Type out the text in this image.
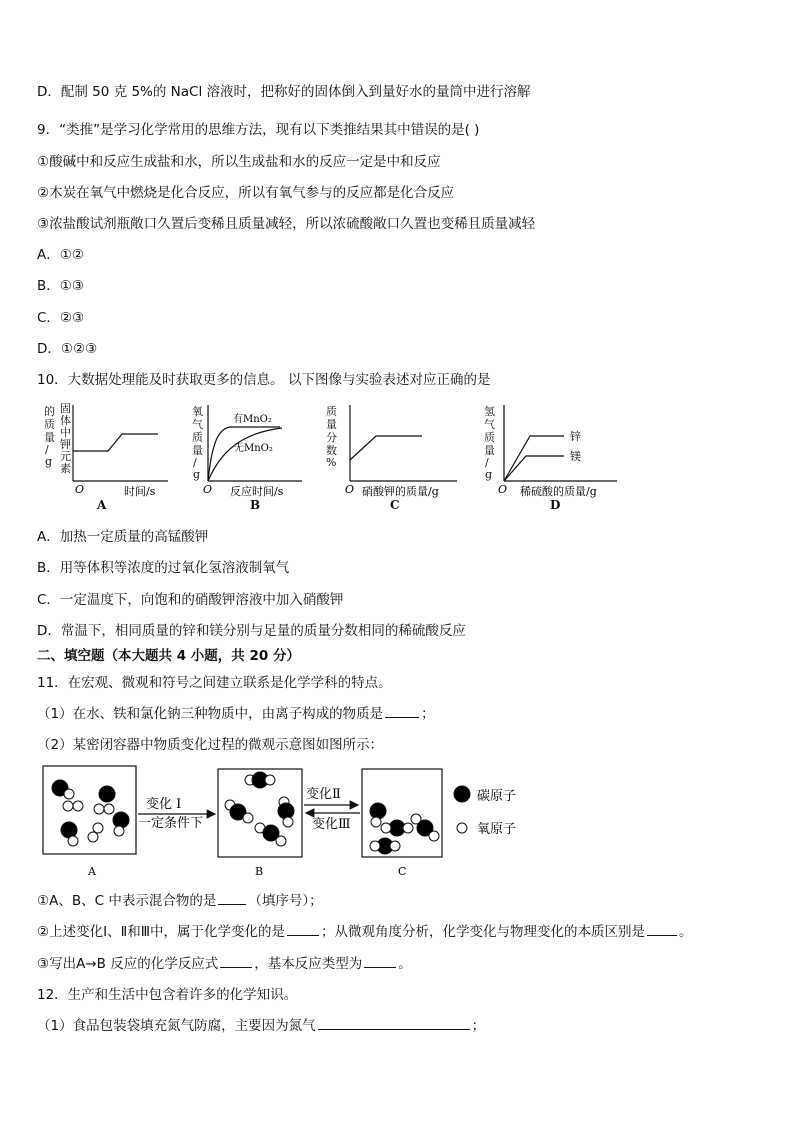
D．配制 50 克 5%的 NaCl 溶液时，把称好的固体倒入到量好水的量筒中进行溶解
9．“类推”是学习化学常用的思维方法，现有以下类推结果其中错误的是( )
①酸碱中和反应生成盐和水，所以生成盐和水的反应一定是中和反应
②木炭在氧气中燃烧是化合反应，所以有氧气参与的反应都是化合反应
③浓盐酸试剂瓶敞口久置后变稀且质量减轻，所以浓硫酸敞口久置也变稀且质量减轻
A．①②
B．①③
C．②③
D．①②③
10．大数据处理能及时获取更多的信息。 以下图像与实验表述对应正确的是
的 固
质 体
量 中
/ 钾
g 元
素
O	时间/s
A
氧
气
质
量
/
g
有MnO₂
无MnO₂
O 反应时间/s
B
质
量
分
数
%
O 硝酸钾的质量/g
C
氢
气
质
量
/
g
锌
镁
O 稀硫酸的质量/g
D
A．加热一定质量的高锰酸钾
B．用等体积等浓度的过氧化氢溶液制氧气
C．一定温度下，向饱和的硝酸钾溶液中加入硝酸钾
D．常温下，相同质量的锌和镁分别与足量的质量分数相同的稀硫酸反应
二、填空题（本大题共 4 小题，共 20 分）
11．在宏观、微观和符号之间建立联系是化学学科的特点。
（1）在水、铁和氯化钠三种物质中，由离子构成的物质是	；
（2）某密闭容器中物质变化过程的微观示意图如图所示：
A
变化 I
一定条件下
B
变化Ⅱ
变化Ⅲ
C
碳原子
氧原子
①A、B、C 中表示混合物的是 （填序号）；
②上述变化Ⅰ、Ⅱ和Ⅲ中，属于化学变化的是	；从微观角度分析，化学变化与物理变化的本质区别是	。
③写出A→B 反应的化学反应式	，基本反应类型为	。
12．生产和生活中包含着许多的化学知识。
（1）食品包装袋填充氮气防腐，主要因为氮气	；
